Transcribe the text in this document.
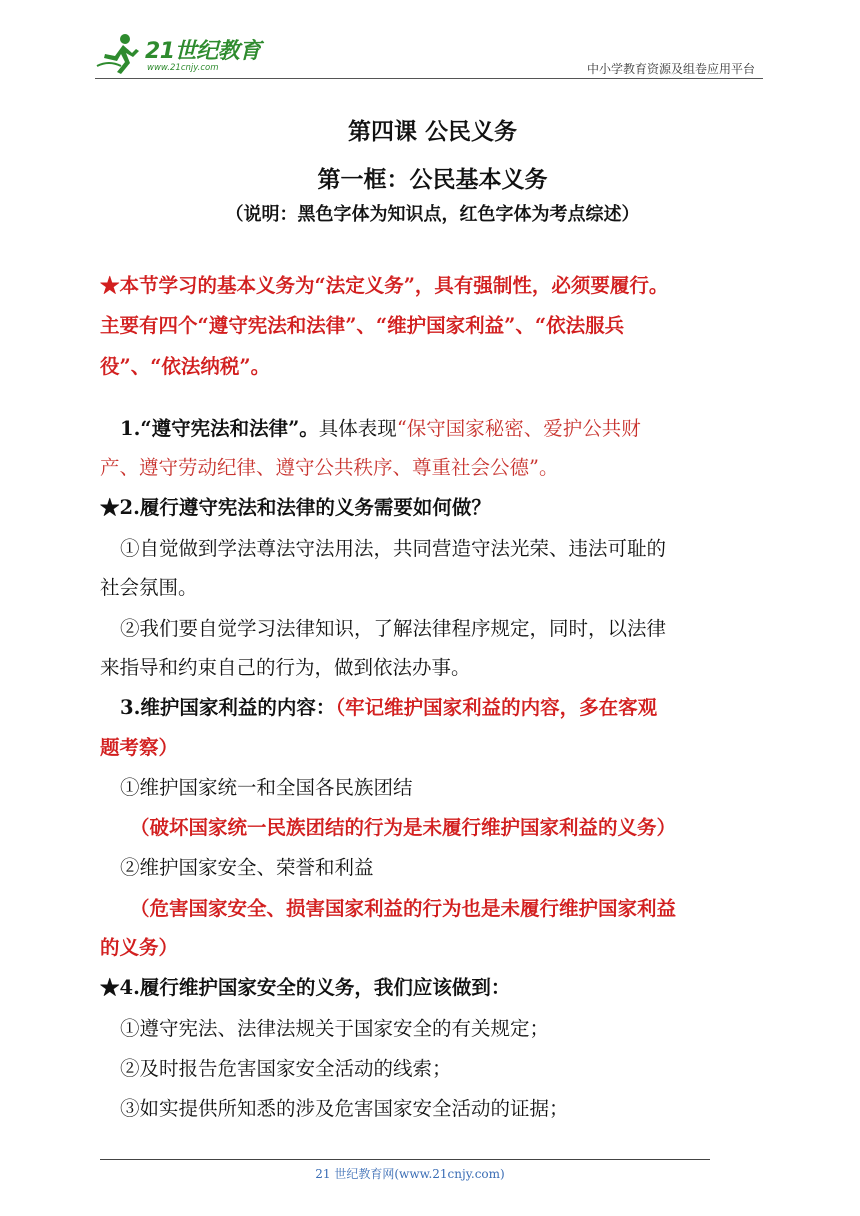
21世纪教育
www.21cnjy.com	中小学教育资源及组卷应用平台
第四课 公民义务
第一框：公民基本义务
（说明：黑色字体为知识点，红色字体为考点综述）
★本节学习的基本义务为“法定义务”，具有强制性，必须要履行。
主要有四个“遵守宪法和法律”、“维护国家利益”、“依法服兵
役”、“依法纳税”。
1.“遵守宪法和法律”。具体表现“保守国家秘密、爱护公共财
产、遵守劳动纪律、遵守公共秩序、尊重社会公德”。
★2.履行遵守宪法和法律的义务需要如何做？
①自觉做到学法尊法守法用法，共同营造守法光荣、违法可耻的
社会氛围。
②我们要自觉学习法律知识，了解法律程序规定，同时，以法律
来指导和约束自己的行为，做到依法办事。
3.维护国家利益的内容：（牢记维护国家利益的内容，多在客观
题考察）
①维护国家统一和全国各民族团结
（破坏国家统一民族团结的行为是未履行维护国家利益的义务）
②维护国家安全、荣誉和利益
（危害国家安全、损害国家利益的行为也是未履行维护国家利益
的义务）
★4.履行维护国家安全的义务，我们应该做到：
①遵守宪法、法律法规关于国家安全的有关规定；
②及时报告危害国家安全活动的线索；
③如实提供所知悉的涉及危害国家安全活动的证据；
21 世纪教育网(www.21cnjy.com)
